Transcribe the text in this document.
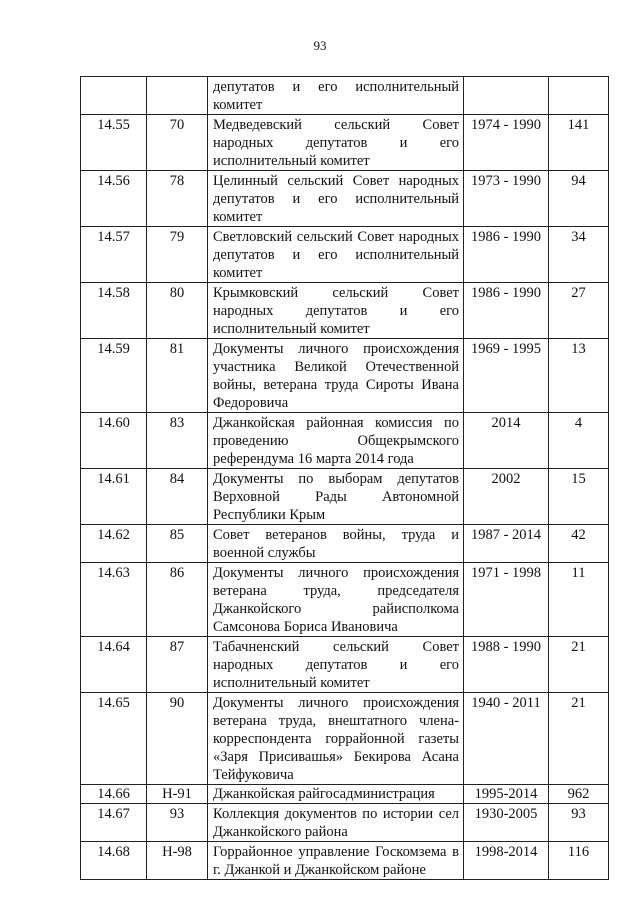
93
		депутатов и его исполнительный комитет		
14.55	70	Медведевский сельский Совет народных депутатов и его исполнительный комитет	1974 - 1990	141
14.56	78	Целинный сельский Совет народных депутатов и его исполнительный комитет	1973 - 1990	94
14.57	79	Светловский сельский Совет народных депутатов и его исполнительный комитет	1986 - 1990	34
14.58	80	Крымковский сельский Совет народных депутатов и его исполнительный комитет	1986 - 1990	27
14.59	81	Документы личного происхождения участника Великой Отечественной войны, ветерана труда Сироты Ивана Федоровича	1969 - 1995	13
14.60	83	Джанкойская районная комиссия по проведению Общекрымского референдума 16 марта 2014 года	2014	4
14.61	84	Документы по выборам депутатов Верховной Рады Автономной Республики Крым	2002	15
14.62	85	Совет ветеранов войны, труда и военной службы	1987 - 2014	42
14.63	86	Документы личного происхождения ветерана труда, председателя Джанкойского райисполкома Самсонова Бориса Ивановича	1971 - 1998	11
14.64	87	Табачненский сельский Совет народных депутатов и его исполнительный комитет	1988 - 1990	21
14.65	90	Документы личного происхождения ветерана труда, внештатного члена-корреспондента горрайонной газеты «Заря Присивашья» Бекирова Асана Тейфуковича	1940 - 2011	21
14.66	Н-91	Джанкойская райгосадминистрация	1995-2014	962
14.67	93	Коллекция документов по истории сел Джанкойского района	1930-2005	93
14.68	Н-98	Горрайонное управление Госкомзема в г. Джанкой и Джанкойском районе	1998-2014	116
